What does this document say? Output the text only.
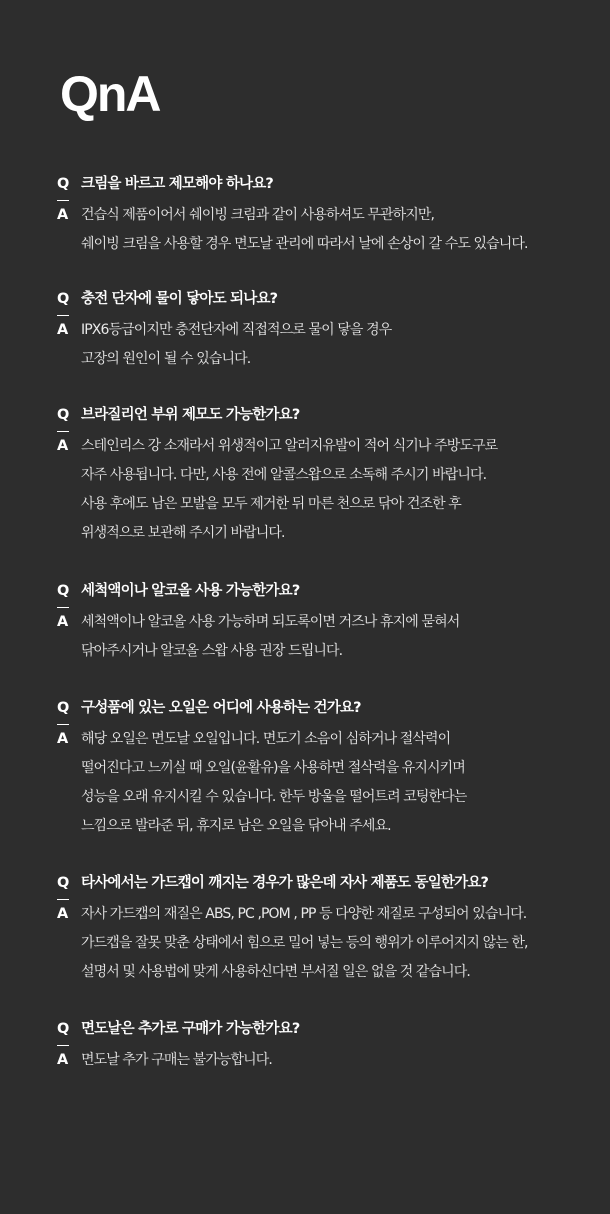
QnA
Q 크림을 바르고 제모해야 하나요?
A 건습식 제품이어서 쉐이빙 크림과 같이 사용하셔도 무관하지만,
쉐이빙 크림을 사용할 경우 면도날 관리에 따라서 날에 손상이 갈 수도 있습니다.
Q 충전 단자에 물이 닿아도 되나요?
A IPX6등급이지만 충전단자에 직접적으로 물이 닿을 경우
고장의 원인이 될 수 있습니다.
Q 브라질리언 부위 제모도 가능한가요?
A 스테인리스 강 소재라서 위생적이고 알러지유발이 적어 식기나 주방도구로
자주 사용됩니다. 다만, 사용 전에 알콜스왑으로 소독해 주시기 바랍니다.
사용 후에도 남은 모발을 모두 제거한 뒤 마른 천으로 닦아 건조한 후
위생적으로 보관해 주시기 바랍니다.
Q 세척액이나 알코올 사용 가능한가요?
A 세척액이나 알코올 사용 가능하며 되도록이면 거즈나 휴지에 묻혀서
닦아주시거나 알코올 스왑 사용 권장 드립니다.
Q 구성품에 있는 오일은 어디에 사용하는 건가요?
A 해당 오일은 면도날 오일입니다. 면도기 소음이 심하거나 절삭력이
떨어진다고 느끼실 때 오일(윤활유)을 사용하면 절삭력을 유지시키며
성능을 오래 유지시킬 수 있습니다. 한두 방울을 떨어트려 코팅한다는
느낌으로 발라준 뒤, 휴지로 남은 오일을 닦아내 주세요.
Q 타사에서는 가드캡이 깨지는 경우가 많은데 자사 제품도 동일한가요?
A 자사 가드캡의 재질은 ABS, PC ,POM , PP 등 다양한 재질로 구성되어 있습니다.
가드캡을 잘못 맞춘 상태에서 힘으로 밀어 넣는 등의 행위가 이루어지지 않는 한,
설명서 및 사용법에 맞게 사용하신다면 부서질 일은 없을 것 같습니다.
Q 면도날은 추가로 구매가 가능한가요?
A 면도날 추가 구매는 불가능합니다.
